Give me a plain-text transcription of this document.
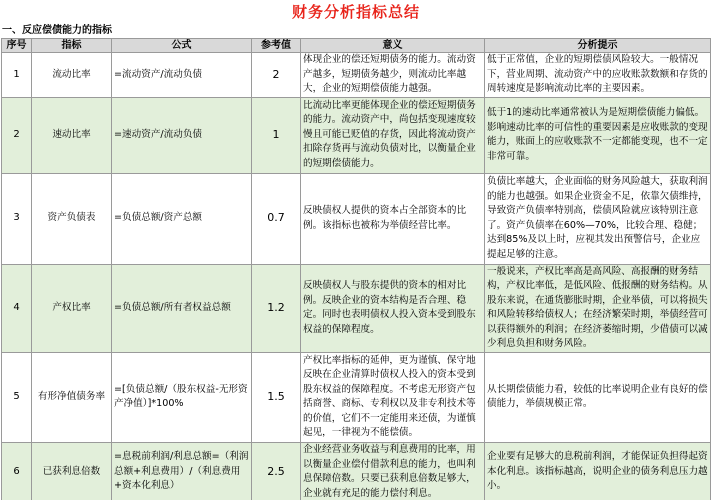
财务分析指标总结
一、反应偿债能力的指标
序号	指标	公式	参考值	意义	分析提示
1	流动比率	=流动资产/流动负债	2	体现企业的偿还短期债务的能力。流动资产越多，短期债务越少，则流动比率越大，企业的短期偿债能力越强。	低于正常值，企业的短期偿债风险较大。一般情况下，营业周期、流动资产中的应收账款数额和存货的周转速度是影响流动比率的主要因素。
2	速动比率	=速动资产/流动负债	1	比流动比率更能体现企业的偿还短期债务的能力。流动资产中，尚包括变现速度较慢且可能已贬值的存货，因此将流动资产扣除存货再与流动负债对比，以衡量企业的短期偿债能力。	低于1的速动比率通常被认为是短期偿债能力偏低。影响速动比率的可信性的重要因素是应收账款的变现能力，账面上的应收账款不一定都能变现，也不一定非常可靠。
3	资产负债表	=负债总额/资产总额	0.7	反映债权人提供的资本占全部资本的比例。该指标也被称为举债经营比率。	负债比率越大，企业面临的财务风险越大，获取利润的能力也越强。如果企业资金不足，依靠欠债维持，导致资产负债率特别高，偿债风险就应该特别注意了。资产负债率在60%—70%，比较合理、稳健；达到85%及以上时，应视其发出预警信号，企业应提起足够的注意。
4	产权比率	=负债总额/所有者权益总额	1.2	反映债权人与股东提供的资本的相对比例。反映企业的资本结构是否合理、稳定。同时也表明债权人投入资本受到股东权益的保障程度。	一般说来，产权比率高是高风险、高报酬的财务结构，产权比率低，是低风险、低报酬的财务结构。从股东来说，在通货膨胀时期，企业举债，可以将损失和风险转移给债权人；在经济繁荣时期，举债经营可以获得额外的利润；在经济萎缩时期，少借债可以减少利息负担和财务风险。
5	有形净值债务率	=[负债总额/（股东权益-无形资产净值）]*100%	1.5	产权比率指标的延伸，更为谨慎、保守地反映在企业清算时债权人投入的资本受到股东权益的保障程度。不考虑无形资产包括商誉、商标、专利权以及非专利技术等的价值，它们不一定能用来还债，为谨慎起见，一律视为不能偿债。	从长期偿债能力看，较低的比率说明企业有良好的偿债能力，举债规模正常。
6	已获利息倍数	=息税前利润/利息总额=（利润总额+利息费用）/（利息费用+资本化利息）	2.5	企业经营业务收益与利息费用的比率，用以衡量企业偿付借款利息的能力，也叫利息保障倍数。只要已获利息倍数足够大，企业就有充足的能力偿付利息。	企业要有足够大的息税前利润，才能保证负担得起资本化利息。该指标越高，说明企业的债务利息压力越小。
